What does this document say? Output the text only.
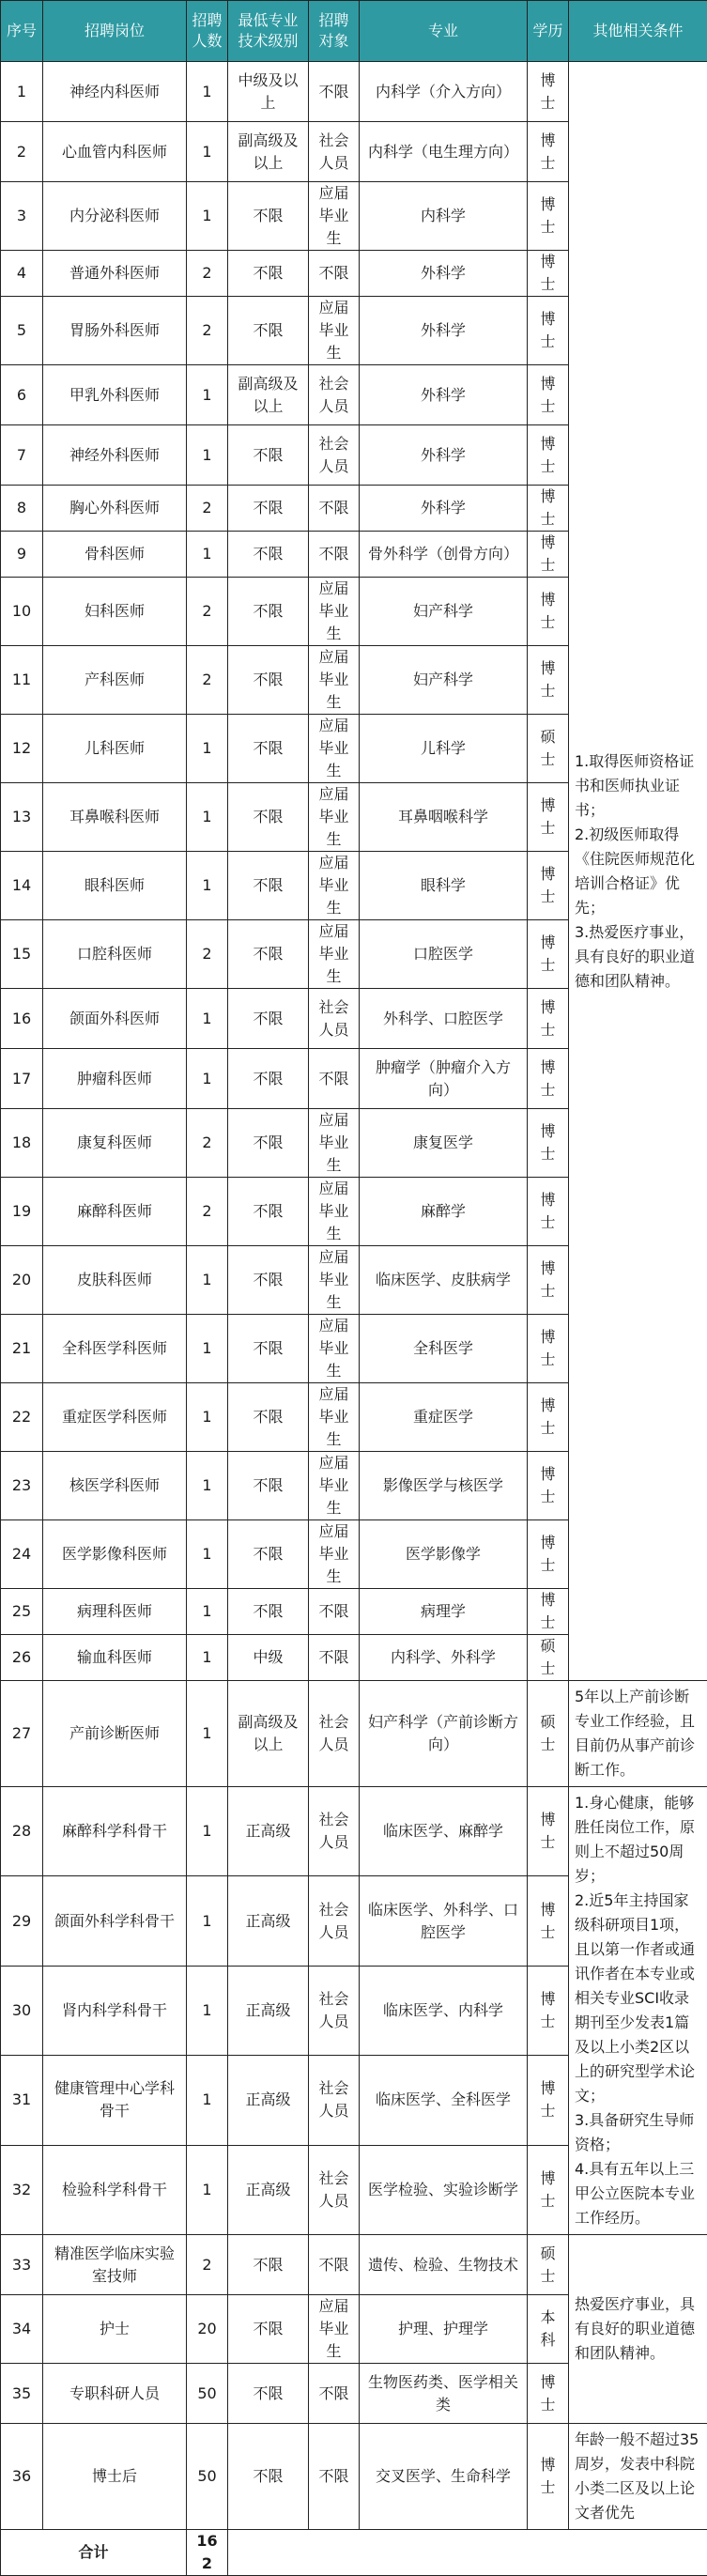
序号	招聘岗位	招聘人数	最低专业技术级别	招聘对象	专业	学历	其他相关条件
1	神经内科医师	1	中级及以上	不限	内科学（介入方向）	博士	1.取得医师资格证书和医师执业证书；
2.初级医师取得《住院医师规范化培训合格证》优先；
3.热爱医疗事业，具有良好的职业道德和团队精神。
2	心血管内科医师	1	副高级及以上	社会人员	内科学（电生理方向）	博士	
3	内分泌科医师	1	不限	应届毕业生	内科学	博士	
4	普通外科医师	2	不限	不限	外科学	博士	
5	胃肠外科医师	2	不限	应届毕业生	外科学	博士	
6	甲乳外科医师	1	副高级及以上	社会人员	外科学	博士	
7	神经外科医师	1	不限	社会人员	外科学	博士	
8	胸心外科医师	2	不限	不限	外科学	博士	
9	骨科医师	1	不限	不限	骨外科学（创骨方向）	博士	
10	妇科医师	2	不限	应届毕业生	妇产科学	博士	
11	产科医师	2	不限	应届毕业生	妇产科学	博士	
12	儿科医师	1	不限	应届毕业生	儿科学	硕士	
13	耳鼻喉科医师	1	不限	应届毕业生	耳鼻咽喉科学	博士	
14	眼科医师	1	不限	应届毕业生	眼科学	博士	
15	口腔科医师	2	不限	应届毕业生	口腔医学	博士	
16	颌面外科医师	1	不限	社会人员	外科学、口腔医学	博士	
17	肿瘤科医师	1	不限	不限	肿瘤学（肿瘤介入方向）	博士	
18	康复科医师	2	不限	应届毕业生	康复医学	博士	
19	麻醉科医师	2	不限	应届毕业生	麻醉学	博士	
20	皮肤科医师	1	不限	应届毕业生	临床医学、皮肤病学	博士	
21	全科医学科医师	1	不限	应届毕业生	全科医学	博士	
22	重症医学科医师	1	不限	应届毕业生	重症医学	博士	
23	核医学科医师	1	不限	应届毕业生	影像医学与核医学	博士	
24	医学影像科医师	1	不限	应届毕业生	医学影像学	博士	
25	病理科医师	1	不限	不限	病理学	博士	
26	输血科医师	1	中级	不限	内科学、外科学	硕士	
27	产前诊断医师	1	副高级及以上	社会人员	妇产科学（产前诊断方向）	硕士	5年以上产前诊断专业工作经验，且目前仍从事产前诊断工作。
28	麻醉科学科骨干	1	正高级	社会人员	临床医学、麻醉学	博士	1.身心健康，能够胜任岗位工作，原则上不超过50周岁；
2.近5年主持国家级科研项目1项，且以第一作者或通讯作者在本专业或相关专业SCI收录期刊至少发表1篇及以上小类2区以上的研究型学术论文；
3.具备研究生导师资格；
4.具有五年以上三甲公立医院本专业工作经历。
29	颌面外科学科骨干	1	正高级	社会人员	临床医学、外科学、口腔医学	博士	
30	肾内科学科骨干	1	正高级	社会人员	临床医学、内科学	博士	
31	健康管理中心学科骨干	1	正高级	社会人员	临床医学、全科医学	博士	
32	检验科学科骨干	1	正高级	社会人员	医学检验、实验诊断学	博士	
33	精准医学临床实验室技师	2	不限	不限	遗传、检验、生物技术	硕士	热爱医疗事业，具有良好的职业道德和团队精神。
34	护士	20	不限	应届毕业生	护理、护理学	本科	
35	专职科研人员	50	不限	不限	生物医药类、医学相关类	博士	
36	博士后	50	不限	不限	交叉医学、生命科学	博士	年龄一般不超过35周岁，发表中科院小类二区及以上论文者优先
合计		162					
